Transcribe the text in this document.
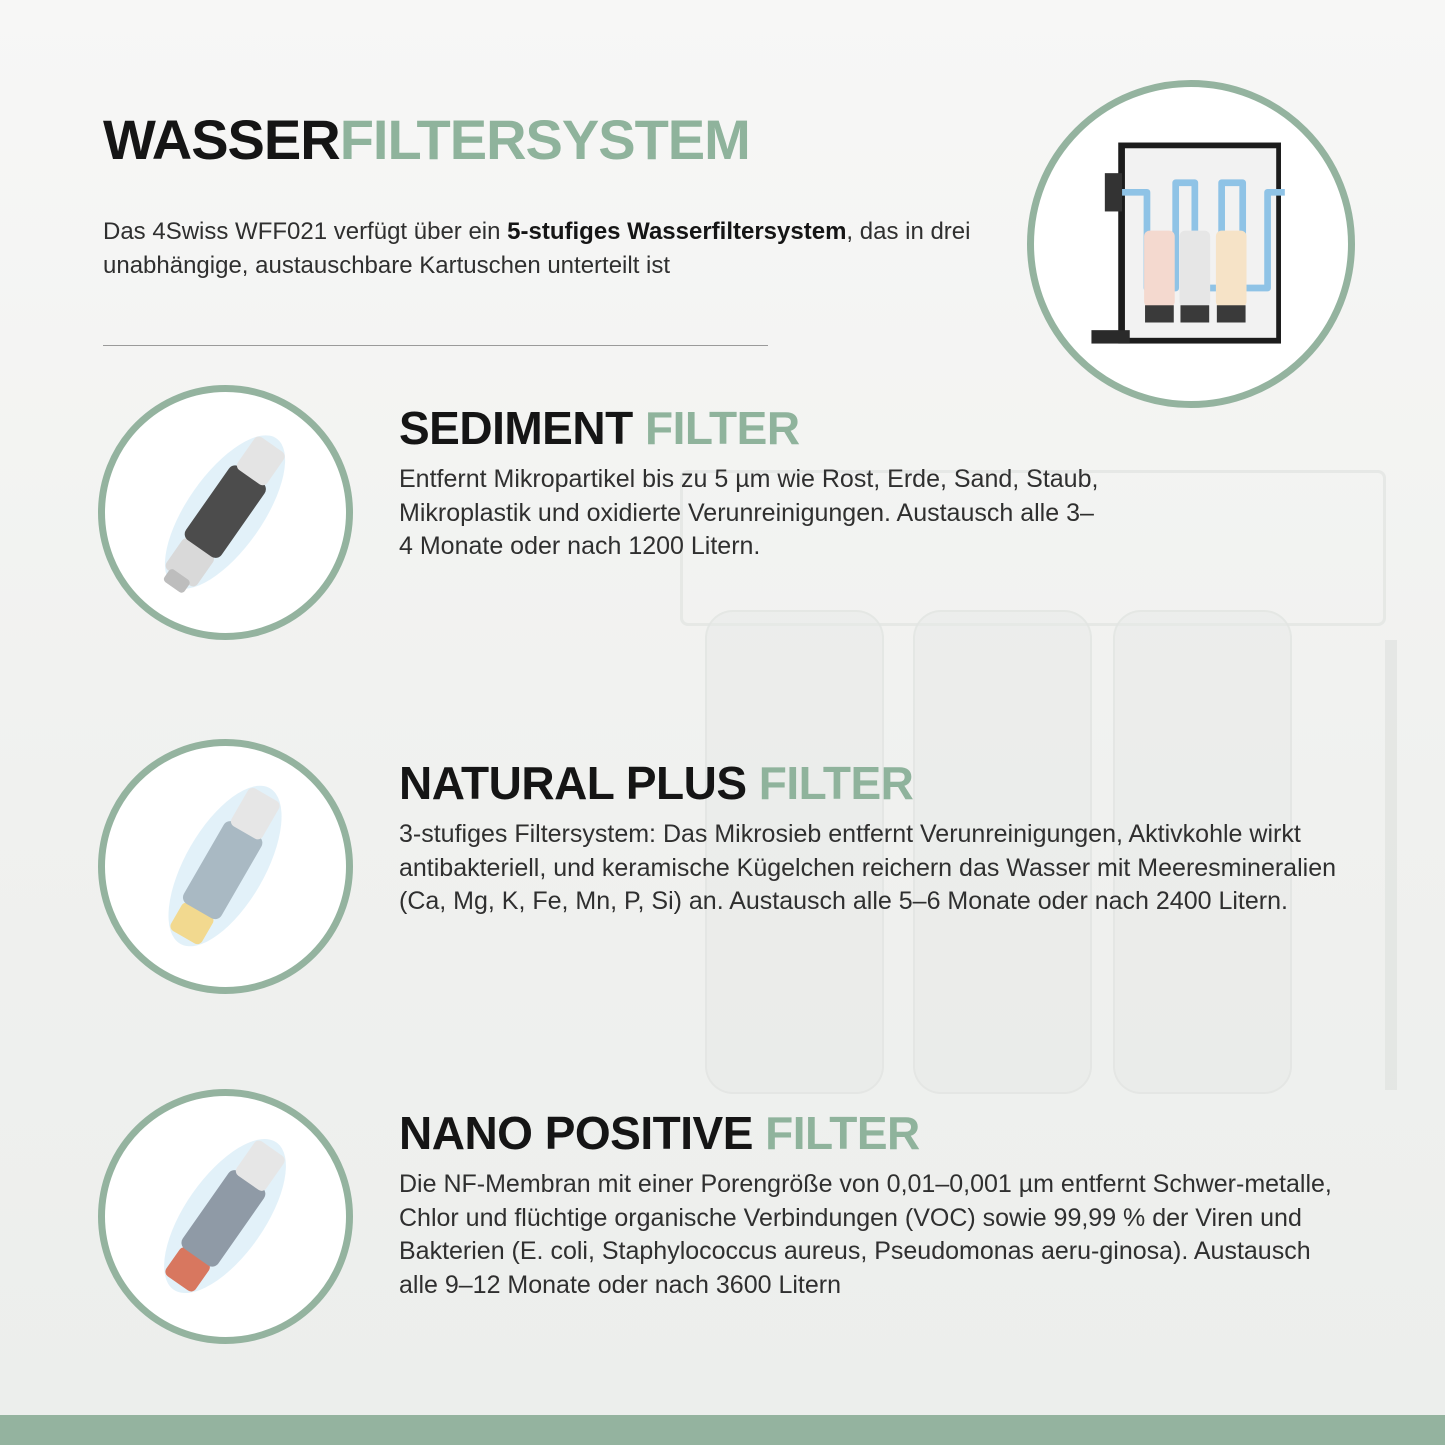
WASSERFILTERSYSTEM

Das 4Swiss WFF021 verfügt über ein 5-stufiges Wasserfiltersystem, das in drei unabhängige, austauschbare Kartuschen unterteilt ist

SEDIMENT FILTER

Entfernt Mikropartikel bis zu 5 µm wie Rost, Erde, Sand, Staub, Mikroplastik und oxidierte Verunreinigungen. Austausch alle 3–4 Monate oder nach 1200 Litern.

NATURAL PLUS FILTER

3-stufiges Filtersystem: Das Mikrosieb entfernt Verunreinigungen, Aktivkohle wirkt antibakteriell, und keramische Kügelchen reichern das Wasser mit Meeresmineralien (Ca, Mg, K, Fe, Mn, P, Si) an. Austausch alle 5–6 Monate oder nach 2400 Litern.

NANO POSITIVE FILTER

Die NF-Membran mit einer Porengröße von 0,01–0,001 µm entfernt Schwer-metalle, Chlor und flüchtige organische Verbindungen (VOC) sowie 99,99 % der Viren und Bakterien (E. coli, Staphylococcus aureus, Pseudomonas aeru-ginosa). Austausch alle 9–12 Monate oder nach 3600 Litern
